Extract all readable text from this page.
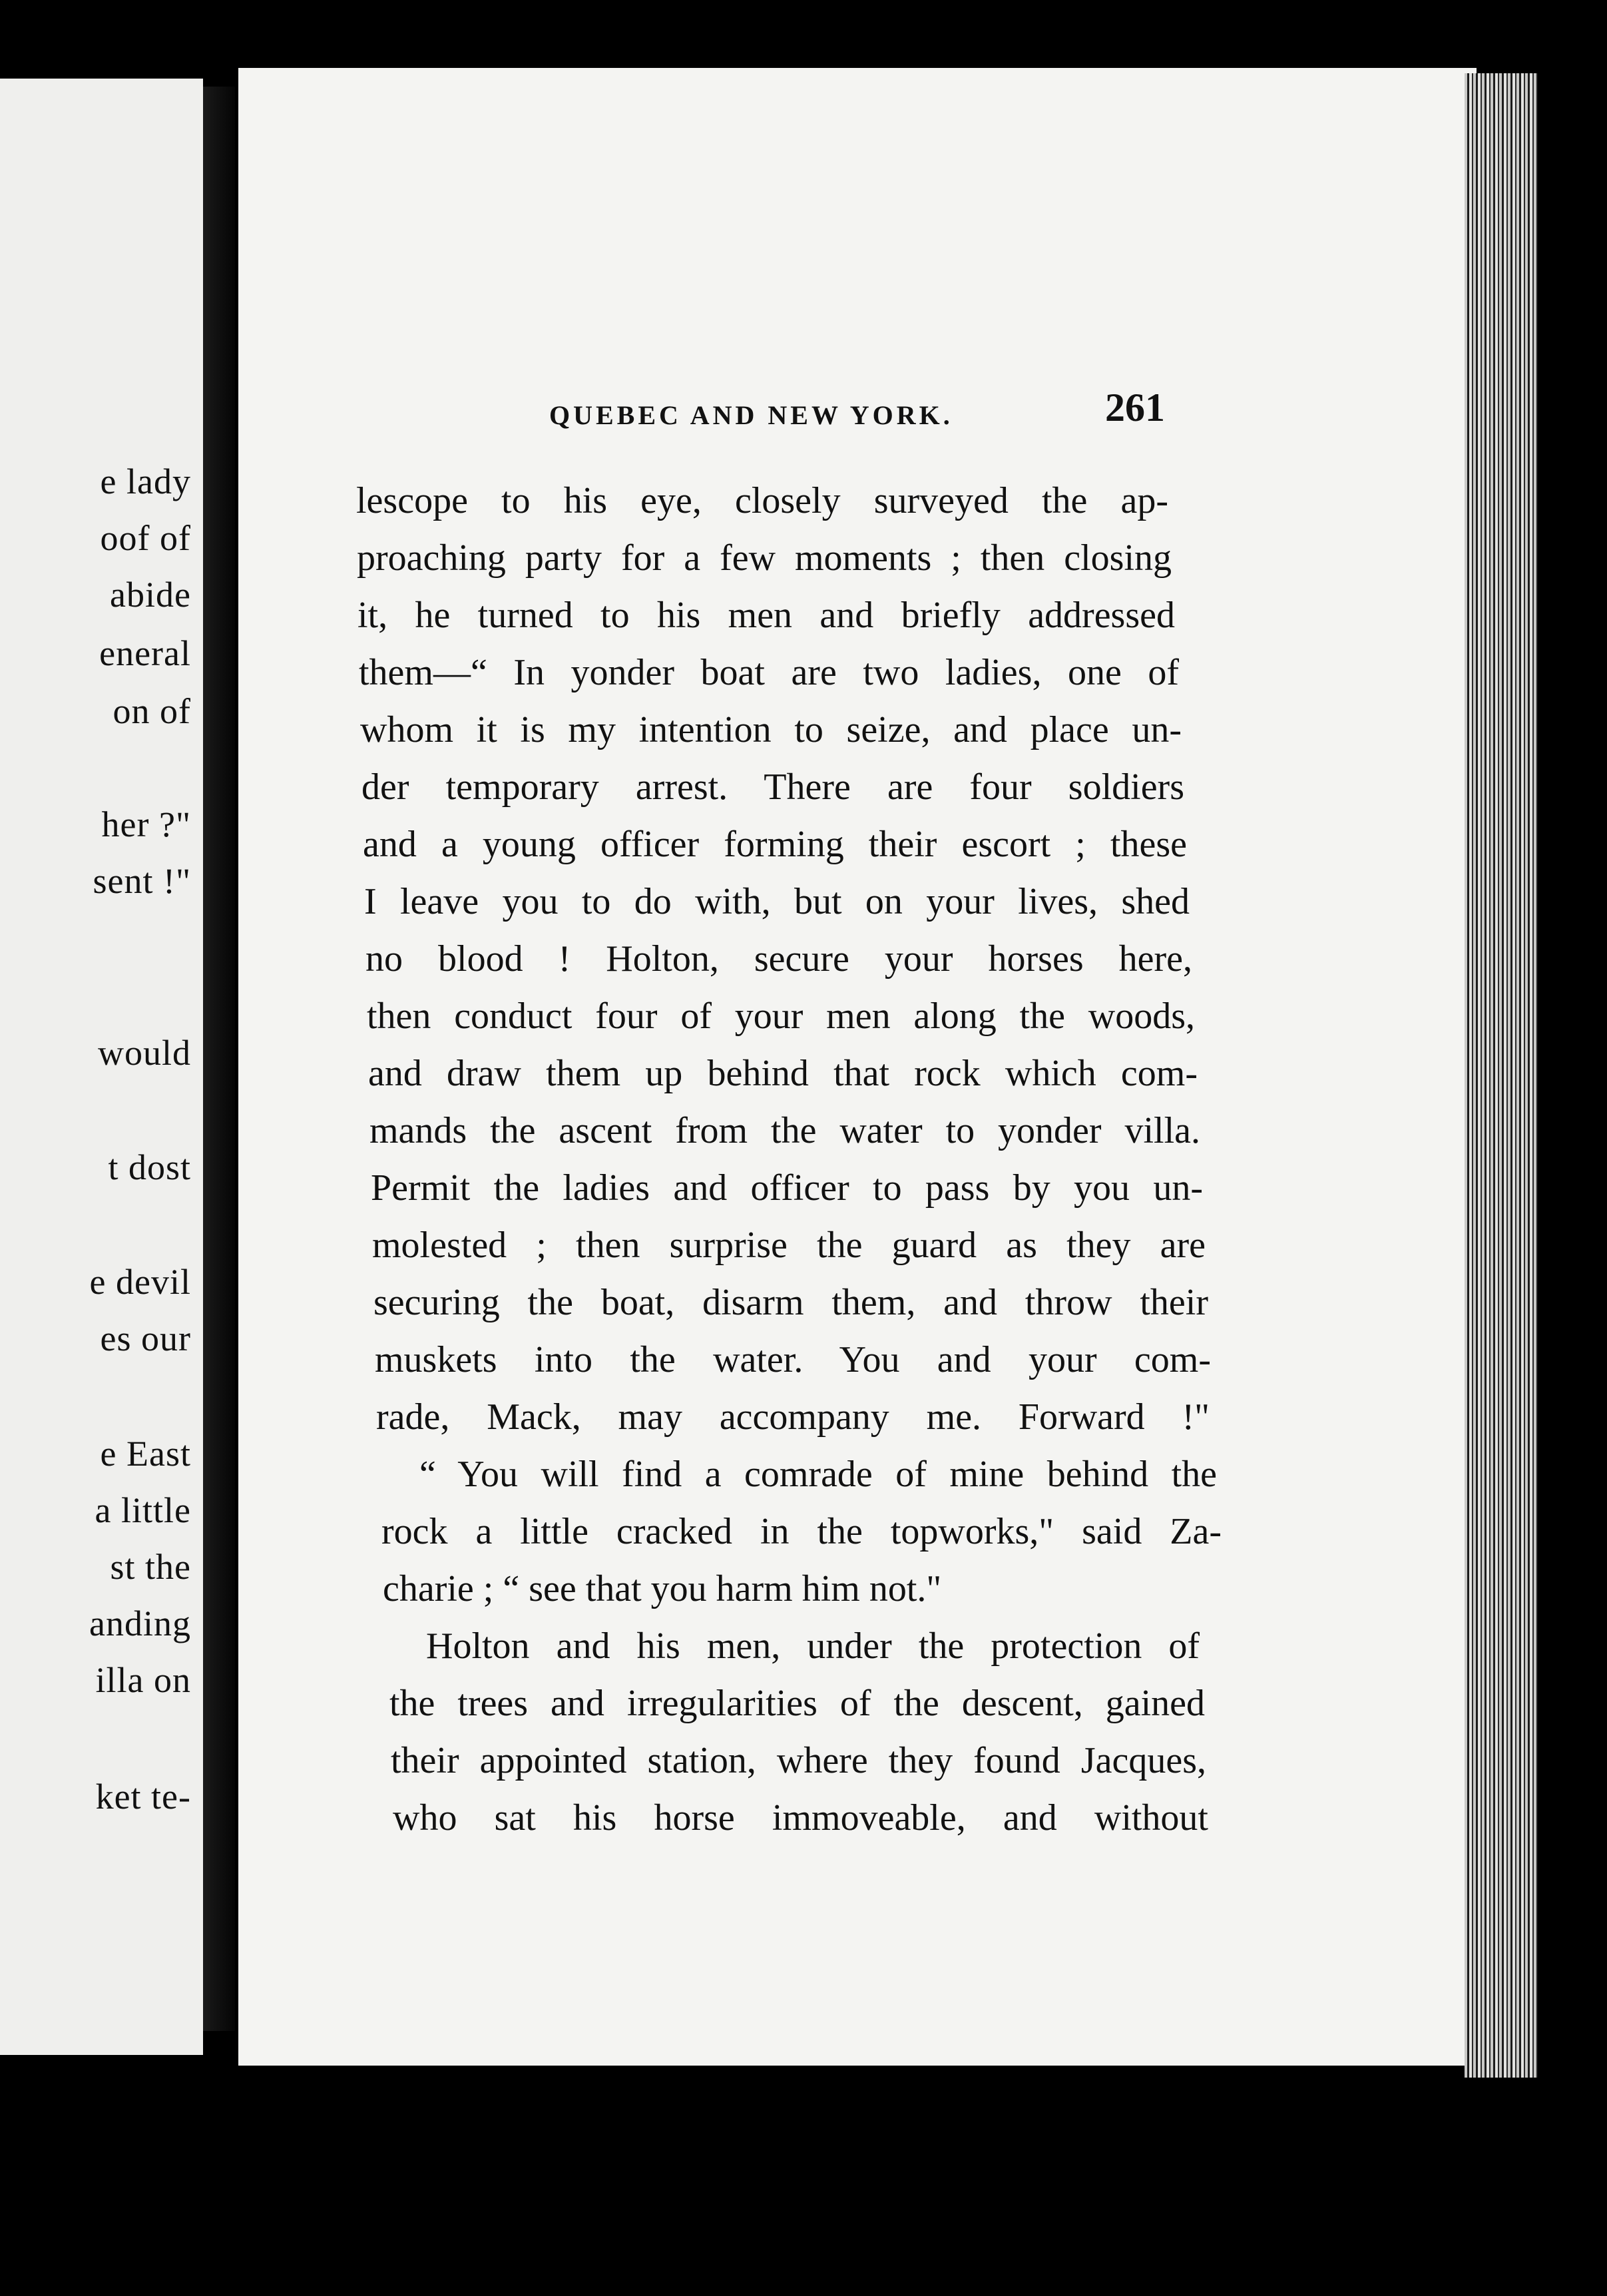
e lady
oof of
abide
eneral
on of
her ?"
sent !"
would
t dost
e devil
es our
e East
a little
st the
anding
illa on
ket te-
QUEBEC AND NEW YORK.	261
lescope to his eye, closely surveyed the ap-
proaching party for a few moments ; then closing
it, he turned to his men and briefly addressed
them—“ In yonder boat are two ladies, one of
whom it is my intention to seize, and place un-
der temporary arrest. There are four soldiers
and a young officer forming their escort ; these
I leave you to do with, but on your lives, shed
no blood ! Holton, secure your horses here,
then conduct four of your men along the woods,
and draw them up behind that rock which com-
mands the ascent from the water to yonder villa.
Permit the ladies and officer to pass by you un-
molested ; then surprise the guard as they are
securing the boat, disarm them, and throw their
muskets into the water. You and your com-
rade, Mack, may accompany me. Forward !"
“ You will find a comrade of mine behind the
rock a little cracked in the topworks," said Za-
charie ; “ see that you harm him not."
Holton and his men, under the protection of
the trees and irregularities of the descent, gained
their appointed station, where they found Jacques,
who sat his horse immoveable, and without
